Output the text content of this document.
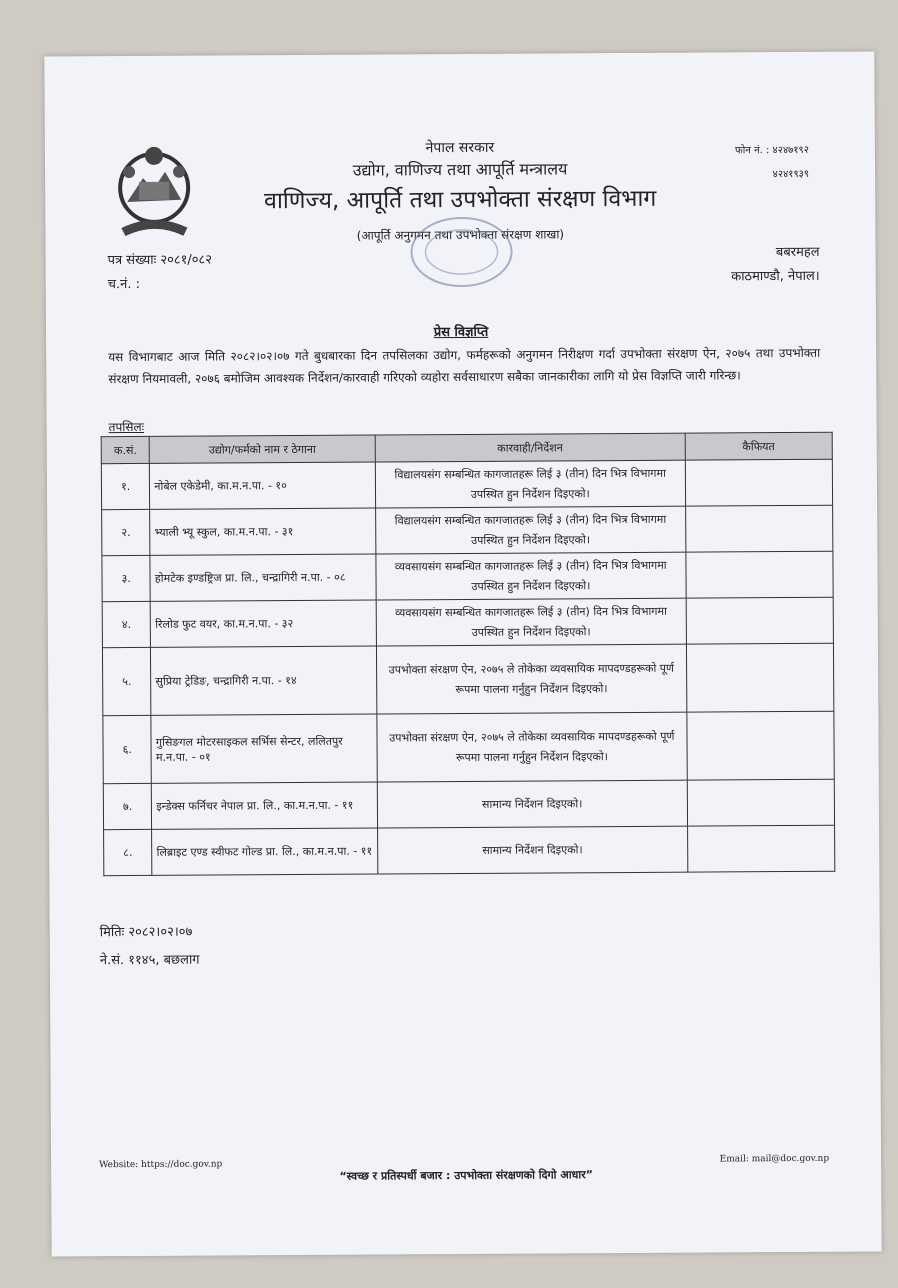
नेपाल सरकार
उद्योग, वाणिज्य तथा आपूर्ति मन्त्रालय
वाणिज्य, आपूर्ति तथा उपभोक्ता संरक्षण विभाग
(आपूर्ति अनुगमन तथा उपभोक्ता संरक्षण शाखा)
फोन नं. : ४२४७१९२
४२४१९३९
पत्र संख्याः २०८१/०८२
च.नं. :
बबरमहल
काठमाण्डौ, नेपाल।
प्रेस विज्ञप्ति
यस विभागबाट आज मिति २०८२।०२।०७ गते बुधबारका दिन तपसिलका उद्योग, फर्महरूको अनुगमन निरीक्षण गर्दा उपभोक्ता संरक्षण ऐन, २०७५ तथा उपभोक्ता संरक्षण नियमावली, २०७६ बमोजिम आवश्यक निर्देशन/कारवाही गरिएको व्यहोरा सर्वसाधारण सबैका जानकारीका लागि यो प्रेस विज्ञप्ति जारी गरिन्छ।
तपसिलः
क.सं.	उद्योग/फर्मको नाम र ठेगाना	कारवाही/निर्देशन	कैफियत
१.	नोबेल एकेडेमी, का.म.न.पा. - १०	विद्यालयसंग सम्बन्धित कागजातहरू लिई ३ (तीन) दिन भित्र विभागमा उपस्थित हुन निर्देशन दिइएको।	
२.	भ्याली भ्यू स्कुल, का.म.न.पा. - ३१	विद्यालयसंग सम्बन्धित कागजातहरू लिई ३ (तीन) दिन भित्र विभागमा उपस्थित हुन निर्देशन दिइएको।	
३.	होमटेक इण्डष्ट्रिज प्रा. लि., चन्द्रागिरी न.पा. - ०८	व्यवसायसंग सम्बन्धित कागजातहरू लिई ३ (तीन) दिन भित्र विभागमा उपस्थित हुन निर्देशन दिइएको।	
४.	रिलोड फुट वयर, का.म.न.पा. - ३२	व्यवसायसंग सम्बन्धित कागजातहरू लिई ३ (तीन) दिन भित्र विभागमा उपस्थित हुन निर्देशन दिइएको।	
५.	सुप्रिया ट्रेडिङ, चन्द्रागिरी न.पा. - १४	उपभोक्ता संरक्षण ऐन, २०७५ ले तोकेका व्यवसायिक मापदण्डहरूको पूर्ण रूपमा पालना गर्नुहुन निर्देशन दिइएको।	
६.	गुसिङगल मोटरसाइकल सर्भिस सेन्टर, ललितपुर म.न.पा. - ०१	उपभोक्ता संरक्षण ऐन, २०७५ ले तोकेका व्यवसायिक मापदण्डहरूको पूर्ण रूपमा पालना गर्नुहुन निर्देशन दिइएको।	
७.	इन्डेक्स फर्निचर नेपाल प्रा. लि., का.म.न.पा. - ११	सामान्य निर्देशन दिइएको।	
८.	लिब्राइट एण्ड स्वीफट गोल्ड प्रा. लि., का.म.न.पा. - ११	सामान्य निर्देशन दिइएको।	
मितिः २०८२।०२।०७
ने.सं. ११४५, बछलाग
Website: https://doc.gov.np
“स्वच्छ र प्रतिस्पर्धी बजार : उपभोक्ता संरक्षणको दिगो आधार”
Email: mail@doc.gov.np
